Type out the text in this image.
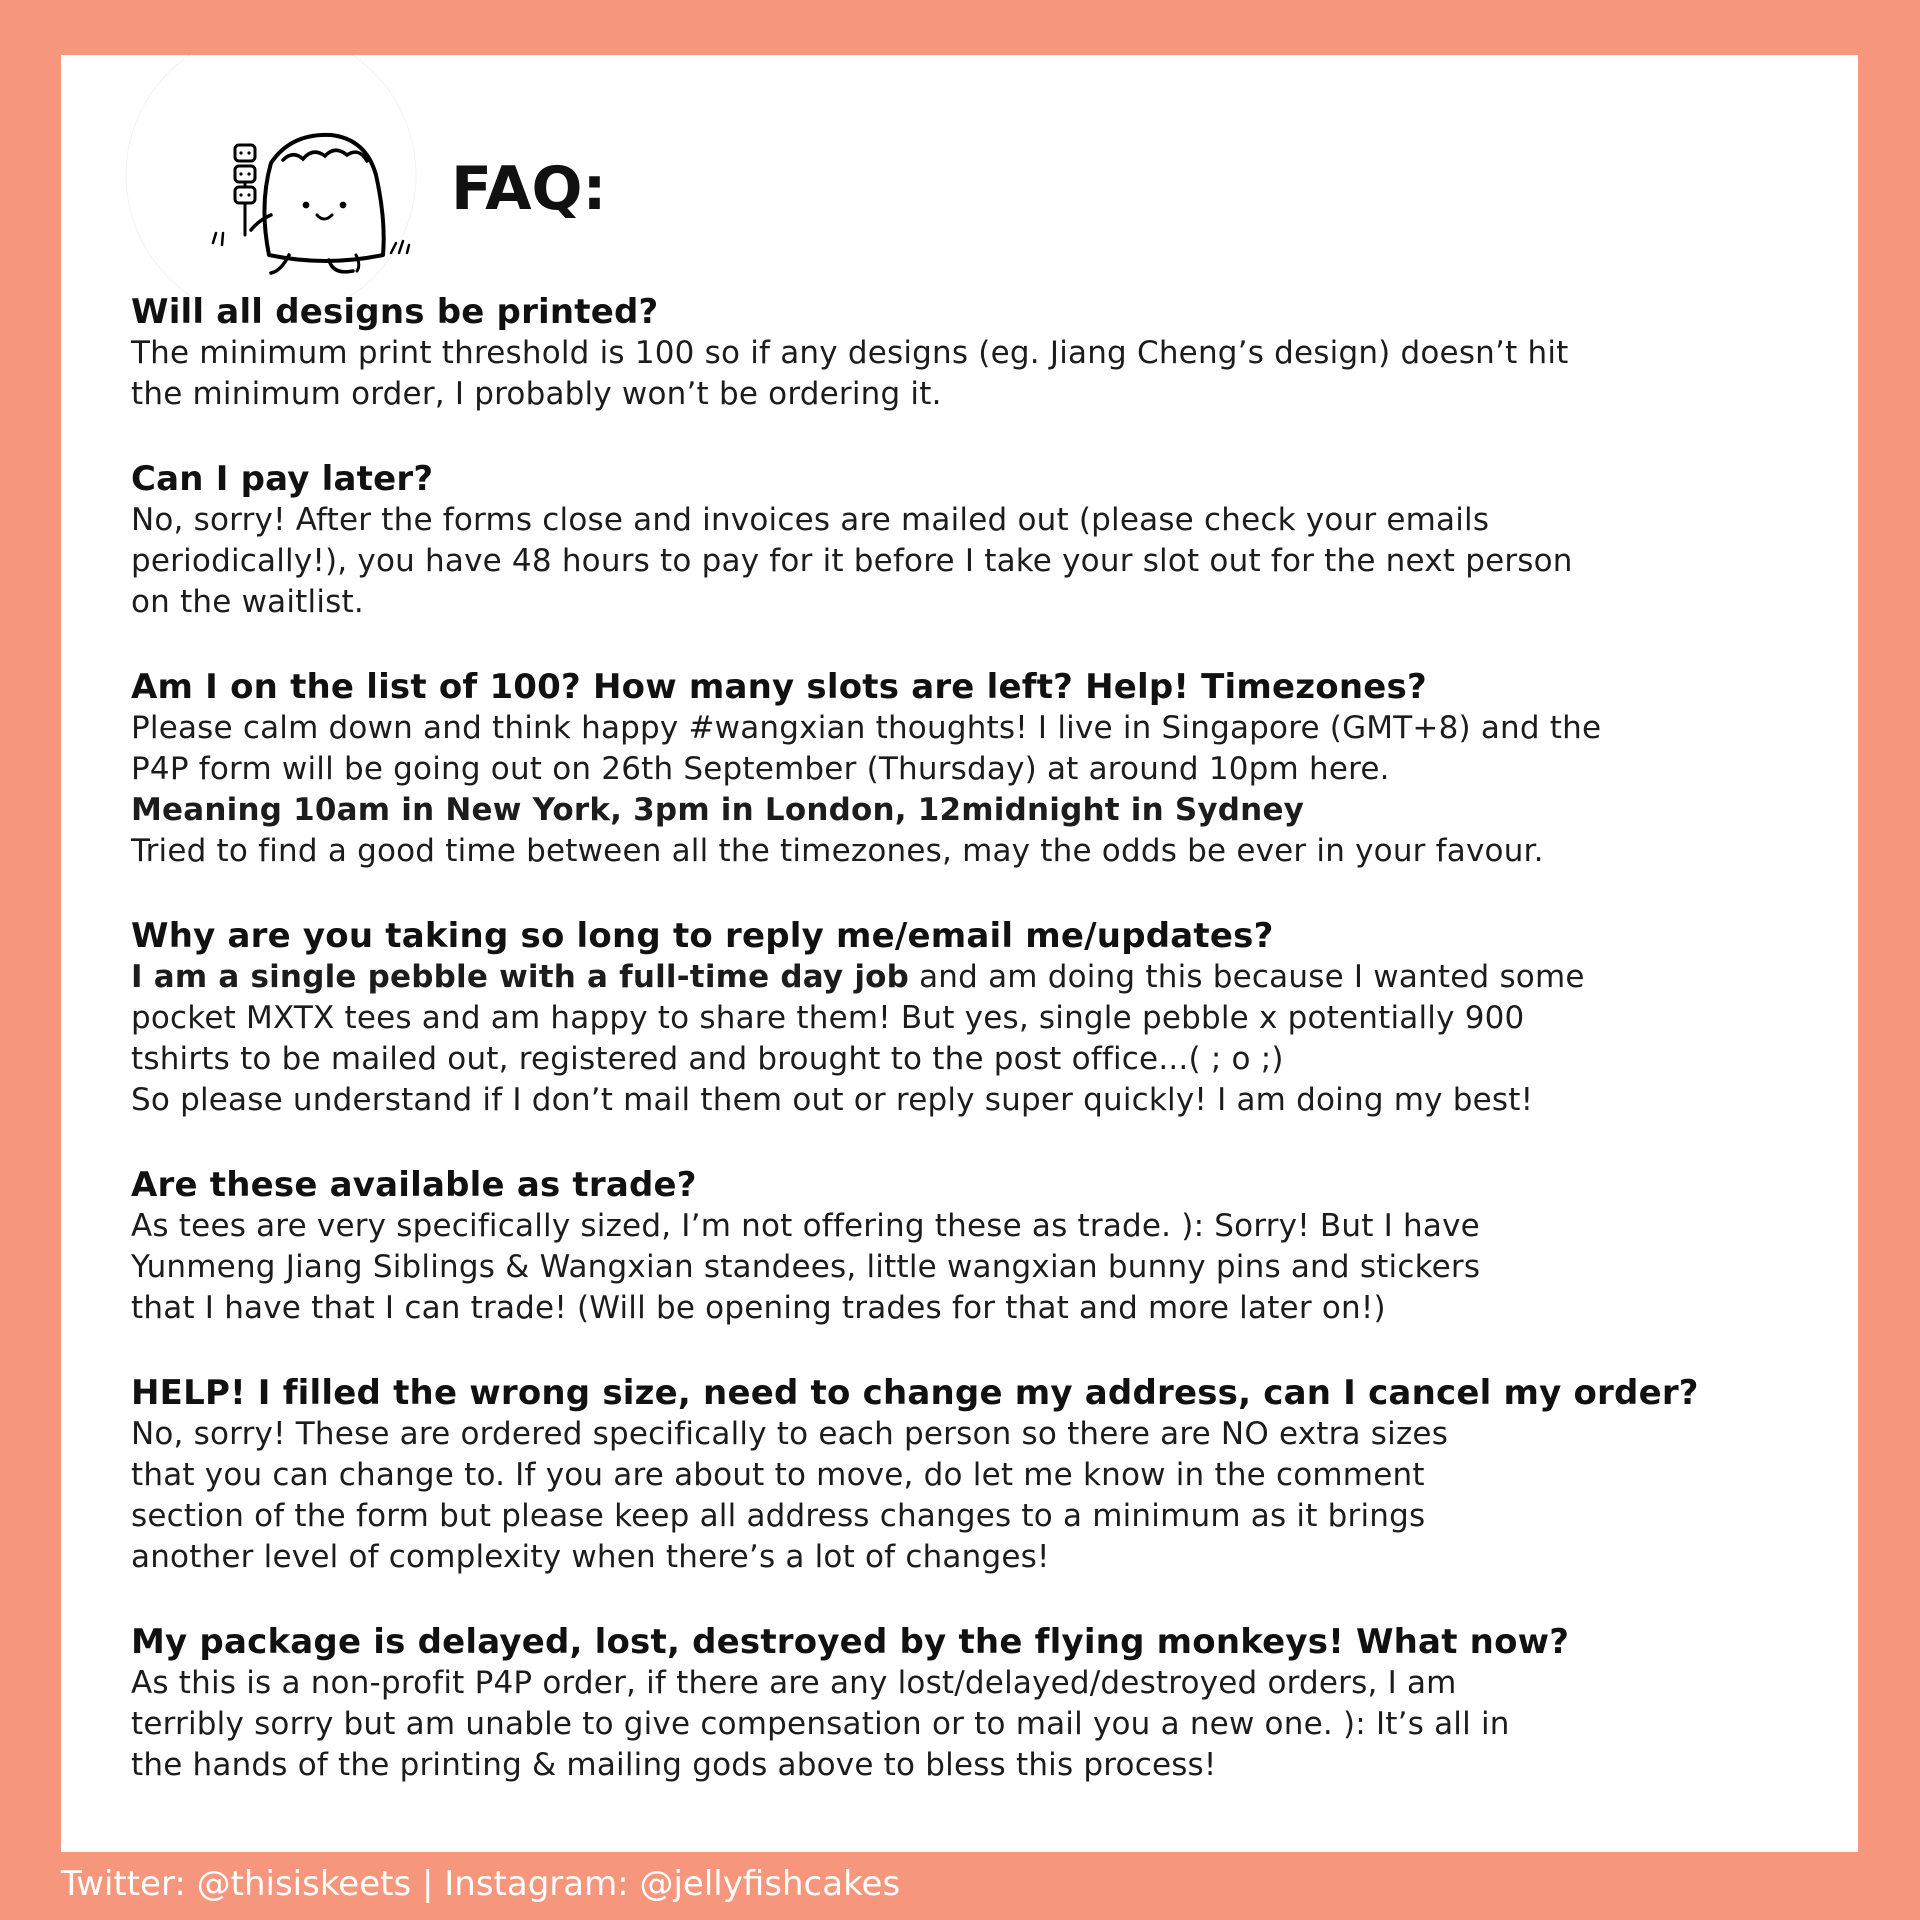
FAQ:
Will all designs be printed?
The minimum print threshold is 100 so if any designs (eg. Jiang Cheng’s design) doesn’t hit
the minimum order, I probably won’t be ordering it.
Can I pay later?
No, sorry! After the forms close and invoices are mailed out (please check your emails
periodically!), you have 48 hours to pay for it before I take your slot out for the next person
on the waitlist.
Am I on the list of 100? How many slots are left? Help! Timezones?
Please calm down and think happy #wangxian thoughts! I live in Singapore (GMT+8) and the
P4P form will be going out on 26th September (Thursday) at around 10pm here.
Meaning 10am in New York, 3pm in London, 12midnight in Sydney
Tried to find a good time between all the timezones, may the odds be ever in your favour.
Why are you taking so long to reply me/email me/updates?
I am a single pebble with a full-time day job and am doing this because I wanted some
pocket MXTX tees and am happy to share them! But yes, single pebble x potentially 900
tshirts to be mailed out, registered and brought to the post office...( ; o ;)
So please understand if I don’t mail them out or reply super quickly! I am doing my best!
Are these available as trade?
As tees are very specifically sized, I’m not offering these as trade. ): Sorry! But I have
Yunmeng Jiang Siblings & Wangxian standees, little wangxian bunny pins and stickers
that I have that I can trade! (Will be opening trades for that and more later on!)
HELP! I filled the wrong size, need to change my address, can I cancel my order?
No, sorry! These are ordered specifically to each person so there are NO extra sizes
that you can change to. If you are about to move, do let me know in the comment
section of the form but please keep all address changes to a minimum as it brings
another level of complexity when there’s a lot of changes!
My package is delayed, lost, destroyed by the flying monkeys! What now?
As this is a non-profit P4P order, if there are any lost/delayed/destroyed orders, I am
terribly sorry but am unable to give compensation or to mail you a new one. ): It’s all in
the hands of the printing & mailing gods above to bless this process!
Twitter: @thisiskeets | Instagram: @jellyfishcakes
